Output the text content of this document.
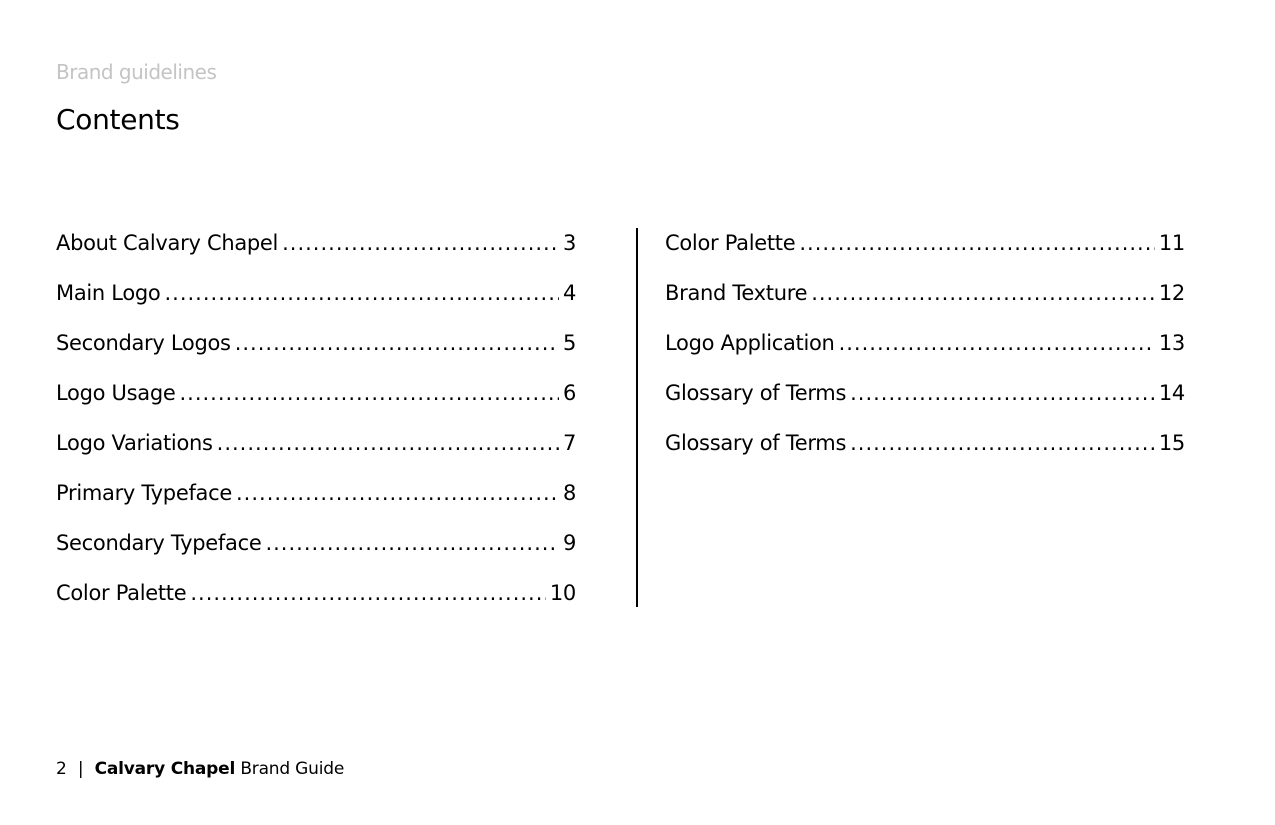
Brand guidelines
Contents
About Calvary Chapel .....	3
Main Logo .....	4
Secondary Logos .....	5
Logo Usage .....	6
Logo Variations .....	7
Primary Typeface .....	8
Secondary Typeface .....	9
Color Palette .....	10
Color Palette .....	11
Brand Texture .....	12
Logo Application .....	13
Glossary of Terms .....	14
Glossary of Terms .....	15
2 | Calvary Chapel Brand Guide
